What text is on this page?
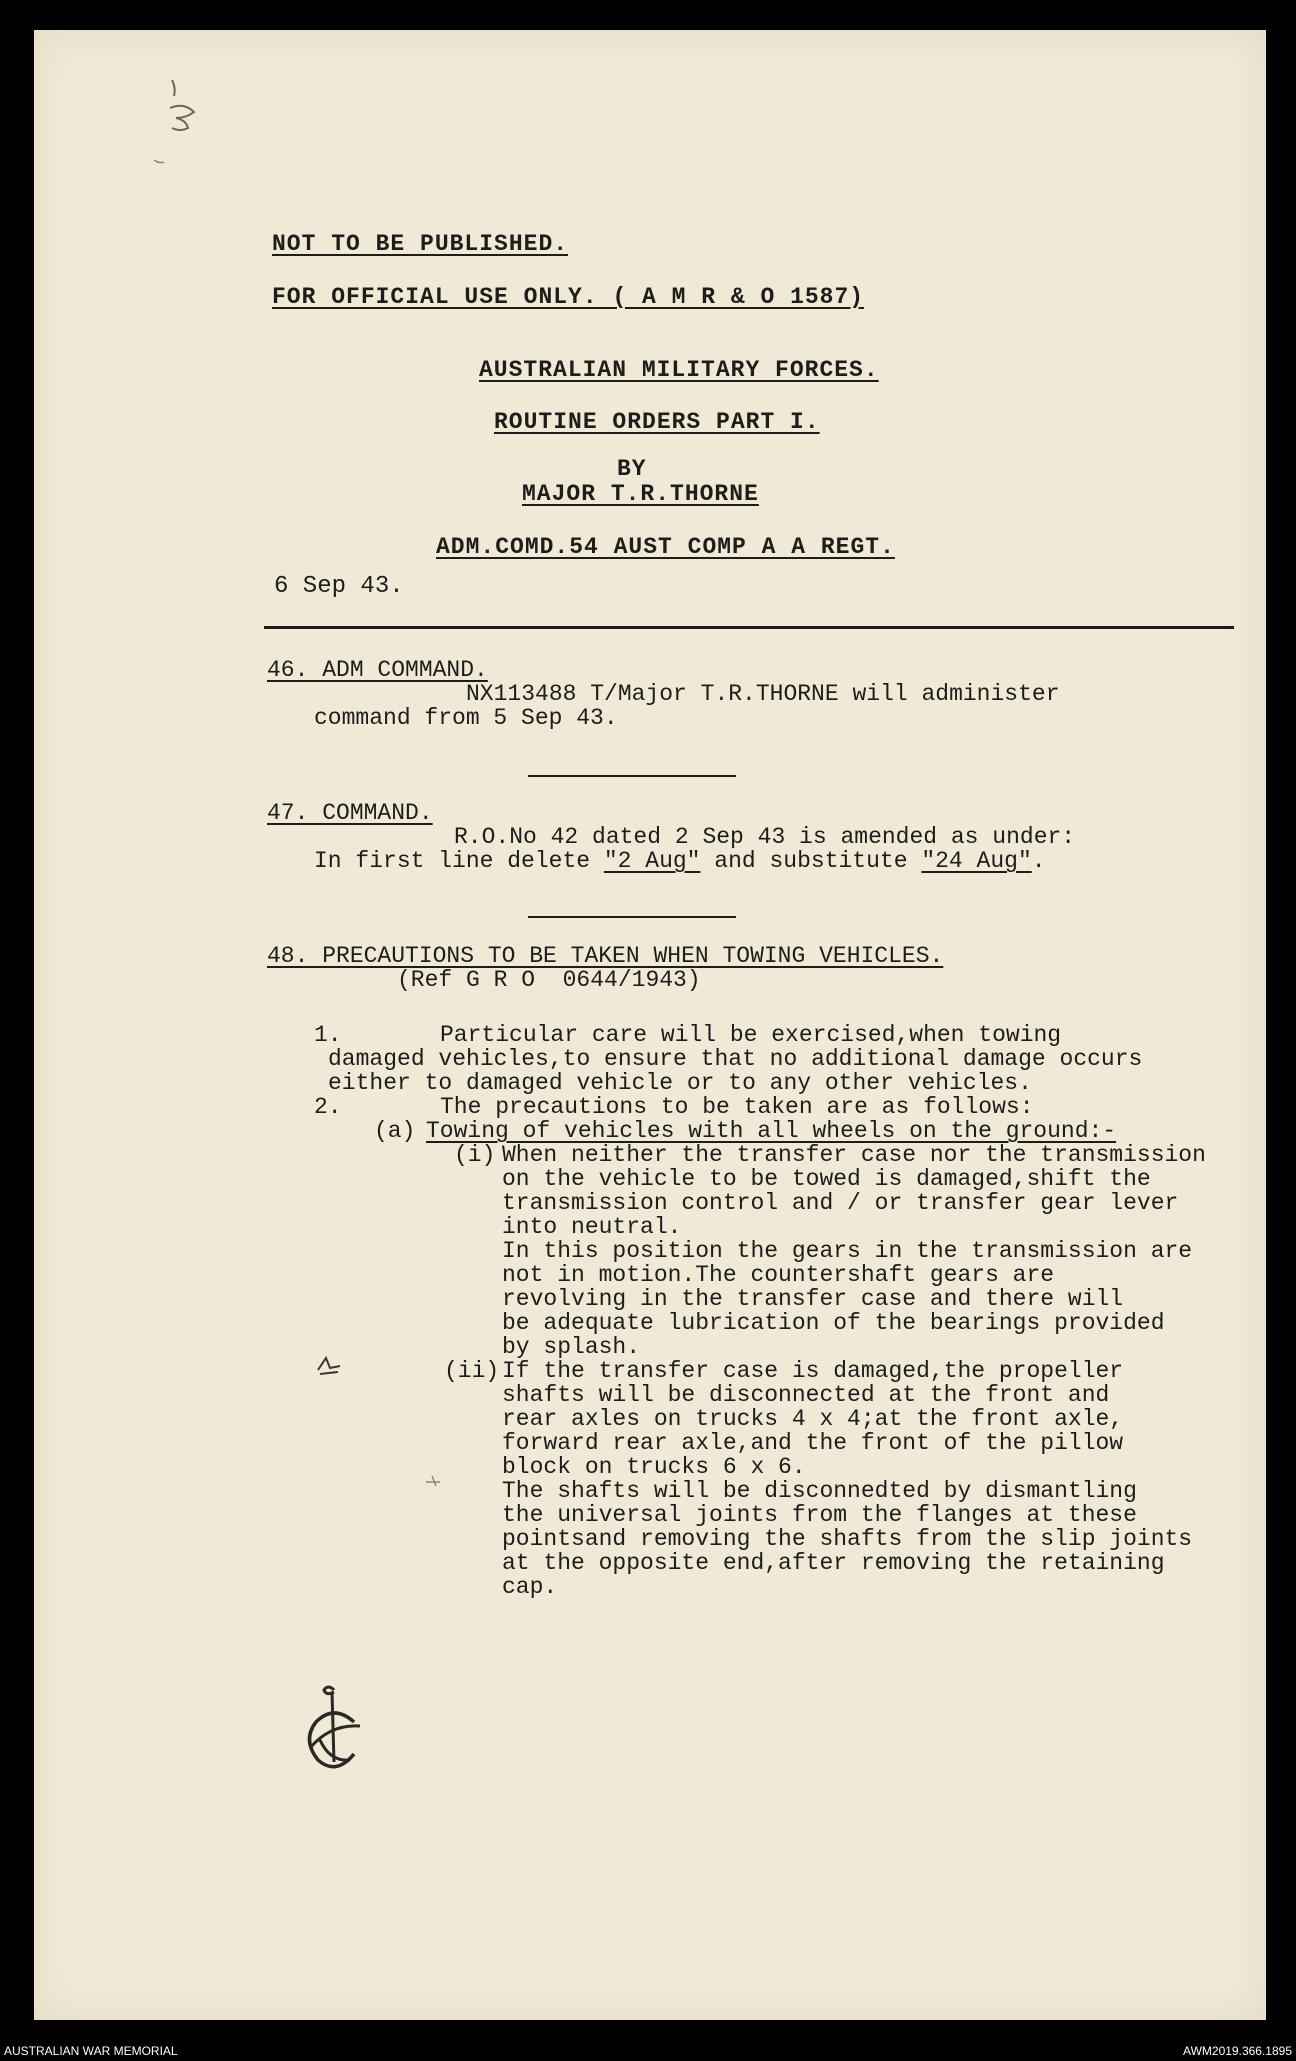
NOT TO BE PUBLISHED.
FOR OFFICIAL USE ONLY. ( A M R & O 1587)
AUSTRALIAN MILITARY FORCES.
ROUTINE ORDERS PART I.
BY
MAJOR T.R.THORNE
ADM.COMD.54 AUST COMP A A REGT.
6 Sep 43.
46. ADM COMMAND.
NX113488 T/Major T.R.THORNE will administer
command from 5 Sep 43.
47. COMMAND.
R.O.No 42 dated 2 Sep 43 is amended as under:
In first line delete "2 Aug" and substitute "24 Aug".
48. PRECAUTIONS TO BE TAKEN WHEN TOWING VEHICLES.
(Ref G R O  0644/1943)
1.	Particular care will be exercised,when towing
damaged vehicles,to ensure that no additional damage occurs
either to damaged vehicle or to any other vehicles.
2.	The precautions to be taken are as follows:
(a) Towing of vehicles with all wheels on the ground:-
(i) When neither the transfer case nor the transmission
on the vehicle to be towed is damaged,shift the
transmission control and / or transfer gear lever
into neutral.
In this position the gears in the transmission are
not in motion.The countershaft gears are
revolving in the transfer case and there will
be adequate lubrication of the bearings provided
by splash.
(ii) If the transfer case is damaged,the propeller
shafts will be disconnected at the front and
rear axles on trucks 4 x 4;at the front axle,
forward rear axle,and the front of the pillow
block on trucks 6 x 6.
The shafts will be disconnedted by dismantling
the universal joints from the flanges at these
pointsand removing the shafts from the slip joints
at the opposite end,after removing the retaining
cap.
AUSTRALIAN WAR MEMORIAL	AWM2019.366.1895
